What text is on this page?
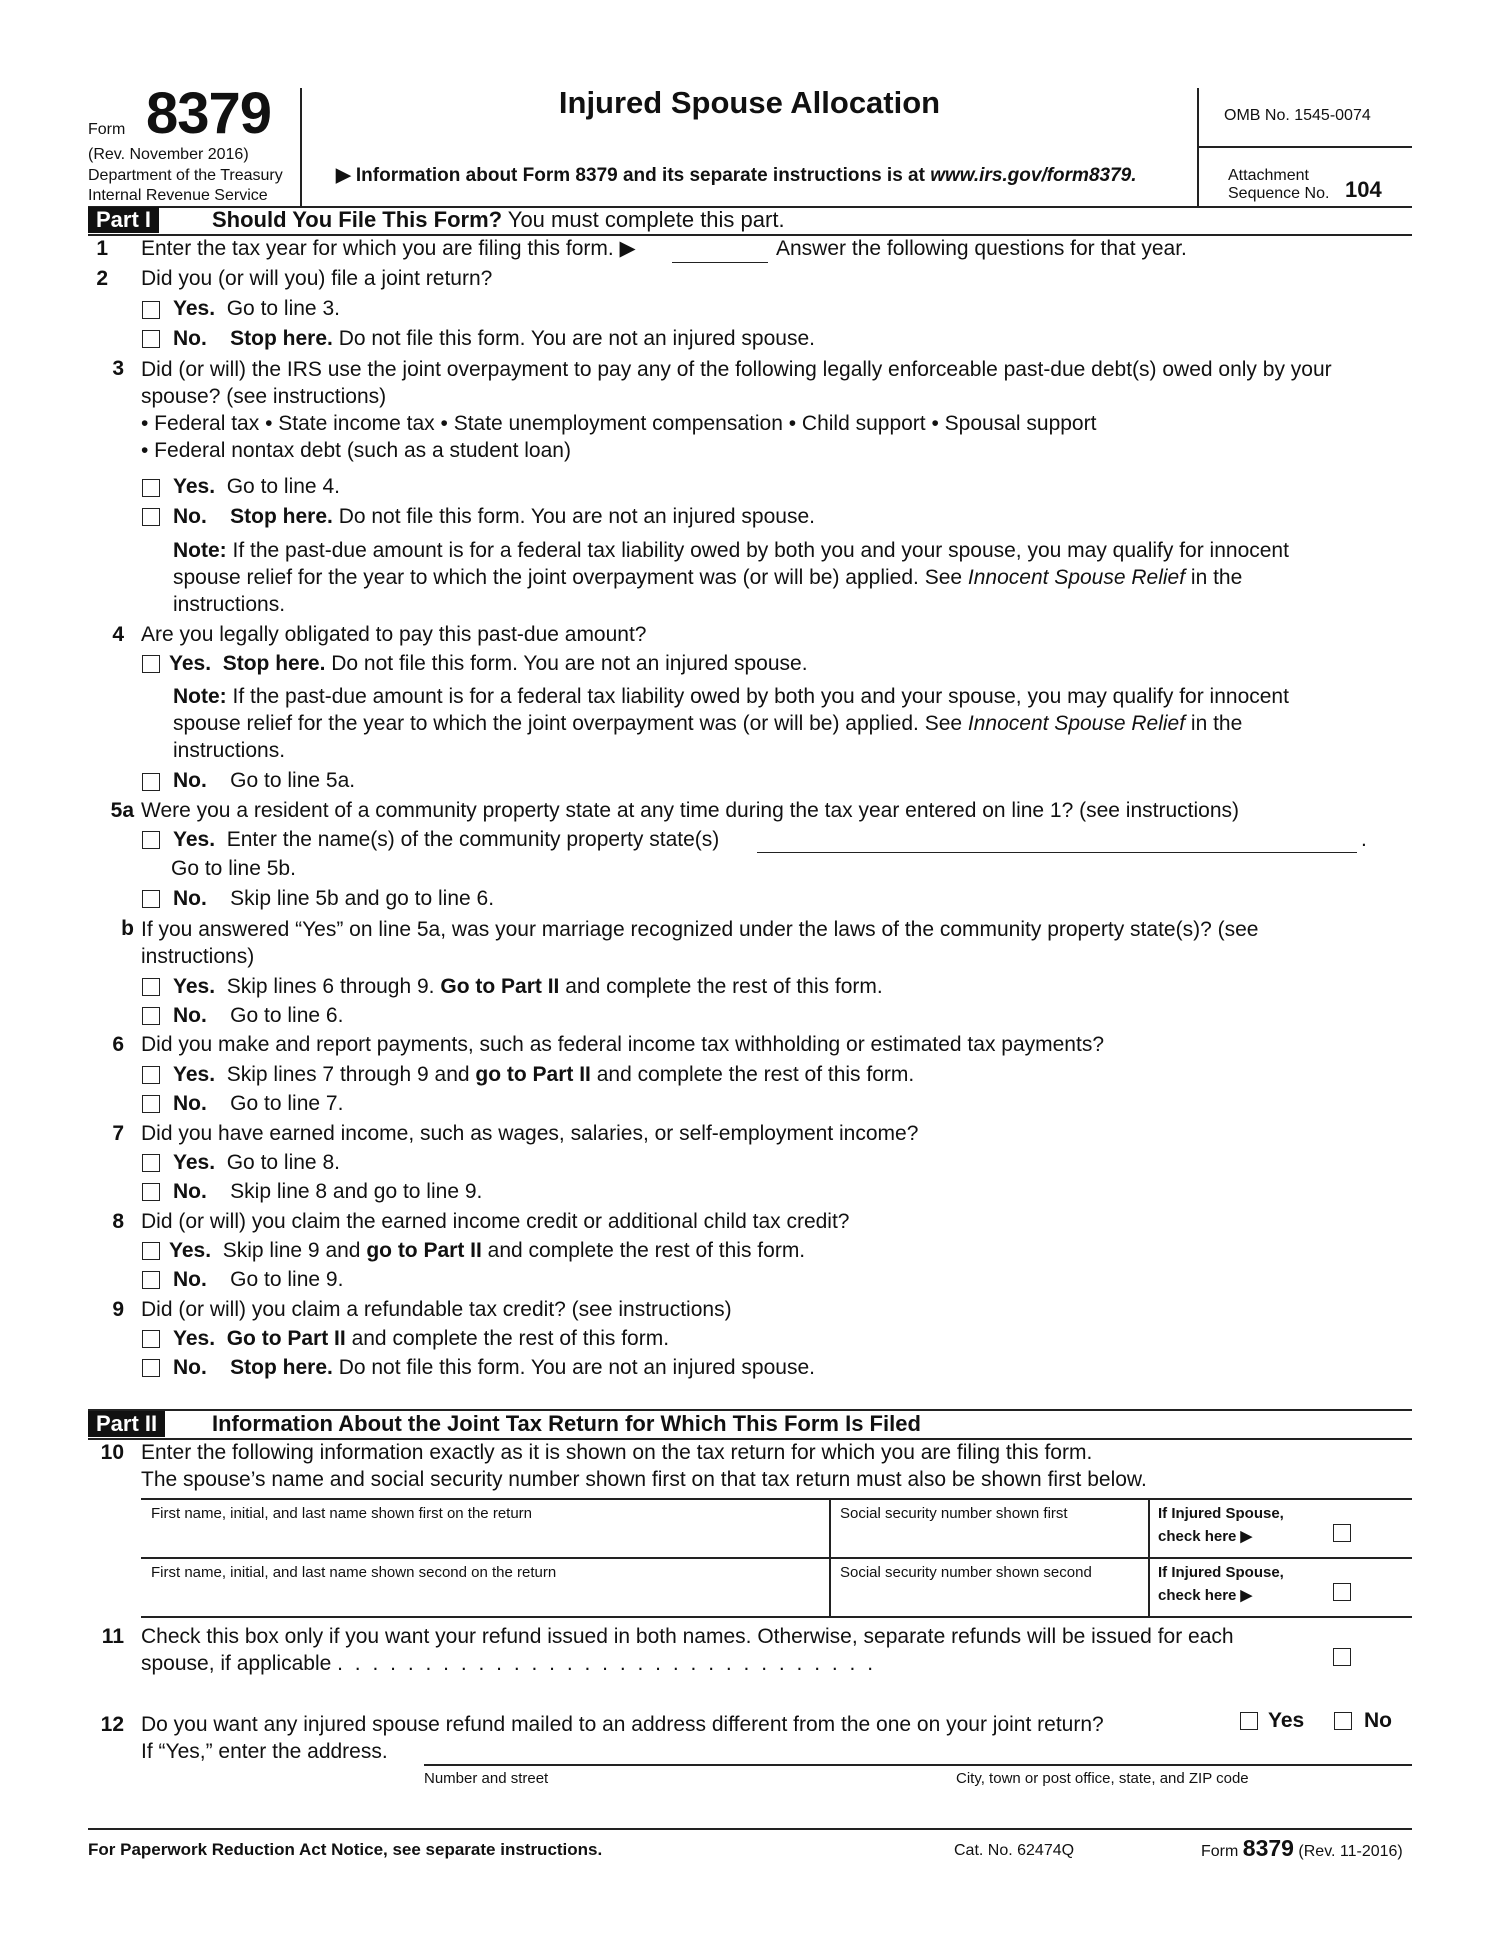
Form 8379
(Rev. November 2016)
Department of the Treasury
Internal Revenue Service
Injured Spouse Allocation
▶ Information about Form 8379 and its separate instructions is at www.irs.gov/form8379.
OMB No. 1545-0074
Attachment
Sequence No. 104
Part I	Should You File This Form? You must complete this part.
1 Enter the tax year for which you are filing this form. ▶	Answer the following questions for that year.
2 Did you (or will you) file a joint return?
Yes. Go to line 3.
No. Stop here. Do not file this form. You are not an injured spouse.
3 Did (or will) the IRS use the joint overpayment to pay any of the following legally enforceable past-due debt(s) owed only by your
spouse? (see instructions)
• Federal tax • State income tax • State unemployment compensation • Child support • Spousal support
• Federal nontax debt (such as a student loan)
Yes. Go to line 4.
No. Stop here. Do not file this form. You are not an injured spouse.
Note: If the past-due amount is for a federal tax liability owed by both you and your spouse, you may qualify for innocent
spouse relief for the year to which the joint overpayment was (or will be) applied. See Innocent Spouse Relief in the
instructions.
4 Are you legally obligated to pay this past-due amount?
Yes. Stop here. Do not file this form. You are not an injured spouse.
Note: If the past-due amount is for a federal tax liability owed by both you and your spouse, you may qualify for innocent
spouse relief for the year to which the joint overpayment was (or will be) applied. See Innocent Spouse Relief in the
instructions.
No. Go to line 5a.
5a Were you a resident of a community property state at any time during the tax year entered on line 1? (see instructions)
Yes. Enter the name(s) of the community property state(s)	.
Go to line 5b.
No. Skip line 5b and go to line 6.
b If you answered “Yes” on line 5a, was your marriage recognized under the laws of the community property state(s)? (see
instructions)
Yes. Skip lines 6 through 9. Go to Part II and complete the rest of this form.
No. Go to line 6.
6 Did you make and report payments, such as federal income tax withholding or estimated tax payments?
Yes. Skip lines 7 through 9 and go to Part II and complete the rest of this form.
No. Go to line 7.
7 Did you have earned income, such as wages, salaries, or self-employment income?
Yes. Go to line 8.
No. Skip line 8 and go to line 9.
8 Did (or will) you claim the earned income credit or additional child tax credit?
Yes. Skip line 9 and go to Part II and complete the rest of this form.
No. Go to line 9.
9 Did (or will) you claim a refundable tax credit? (see instructions)
Yes. Go to Part II and complete the rest of this form.
No. Stop here. Do not file this form. You are not an injured spouse.
Part II	Information About the Joint Tax Return for Which This Form Is Filed
10 Enter the following information exactly as it is shown on the tax return for which you are filing this form.
The spouse’s name and social security number shown first on that tax return must also be shown first below.
First name, initial, and last name shown first on the return	Social security number shown first	If Injured Spouse,
check here ▶
First name, initial, and last name shown second on the return	Social security number shown second	If Injured Spouse,
check here ▶
11 Check this box only if you want your refund issued in both names. Otherwise, separate refunds will be issued for each
spouse, if applicable . . . . . . . . . . . . . . . . . . . . . . . . . . . . . . .
12 Do you want any injured spouse refund mailed to an address different from the one on your joint return?
If “Yes,” enter the address.
Yes	No
Number and street	City, town or post office, state, and ZIP code
For Paperwork Reduction Act Notice, see separate instructions.	Cat. No. 62474Q	Form 8379 (Rev. 11-2016)
